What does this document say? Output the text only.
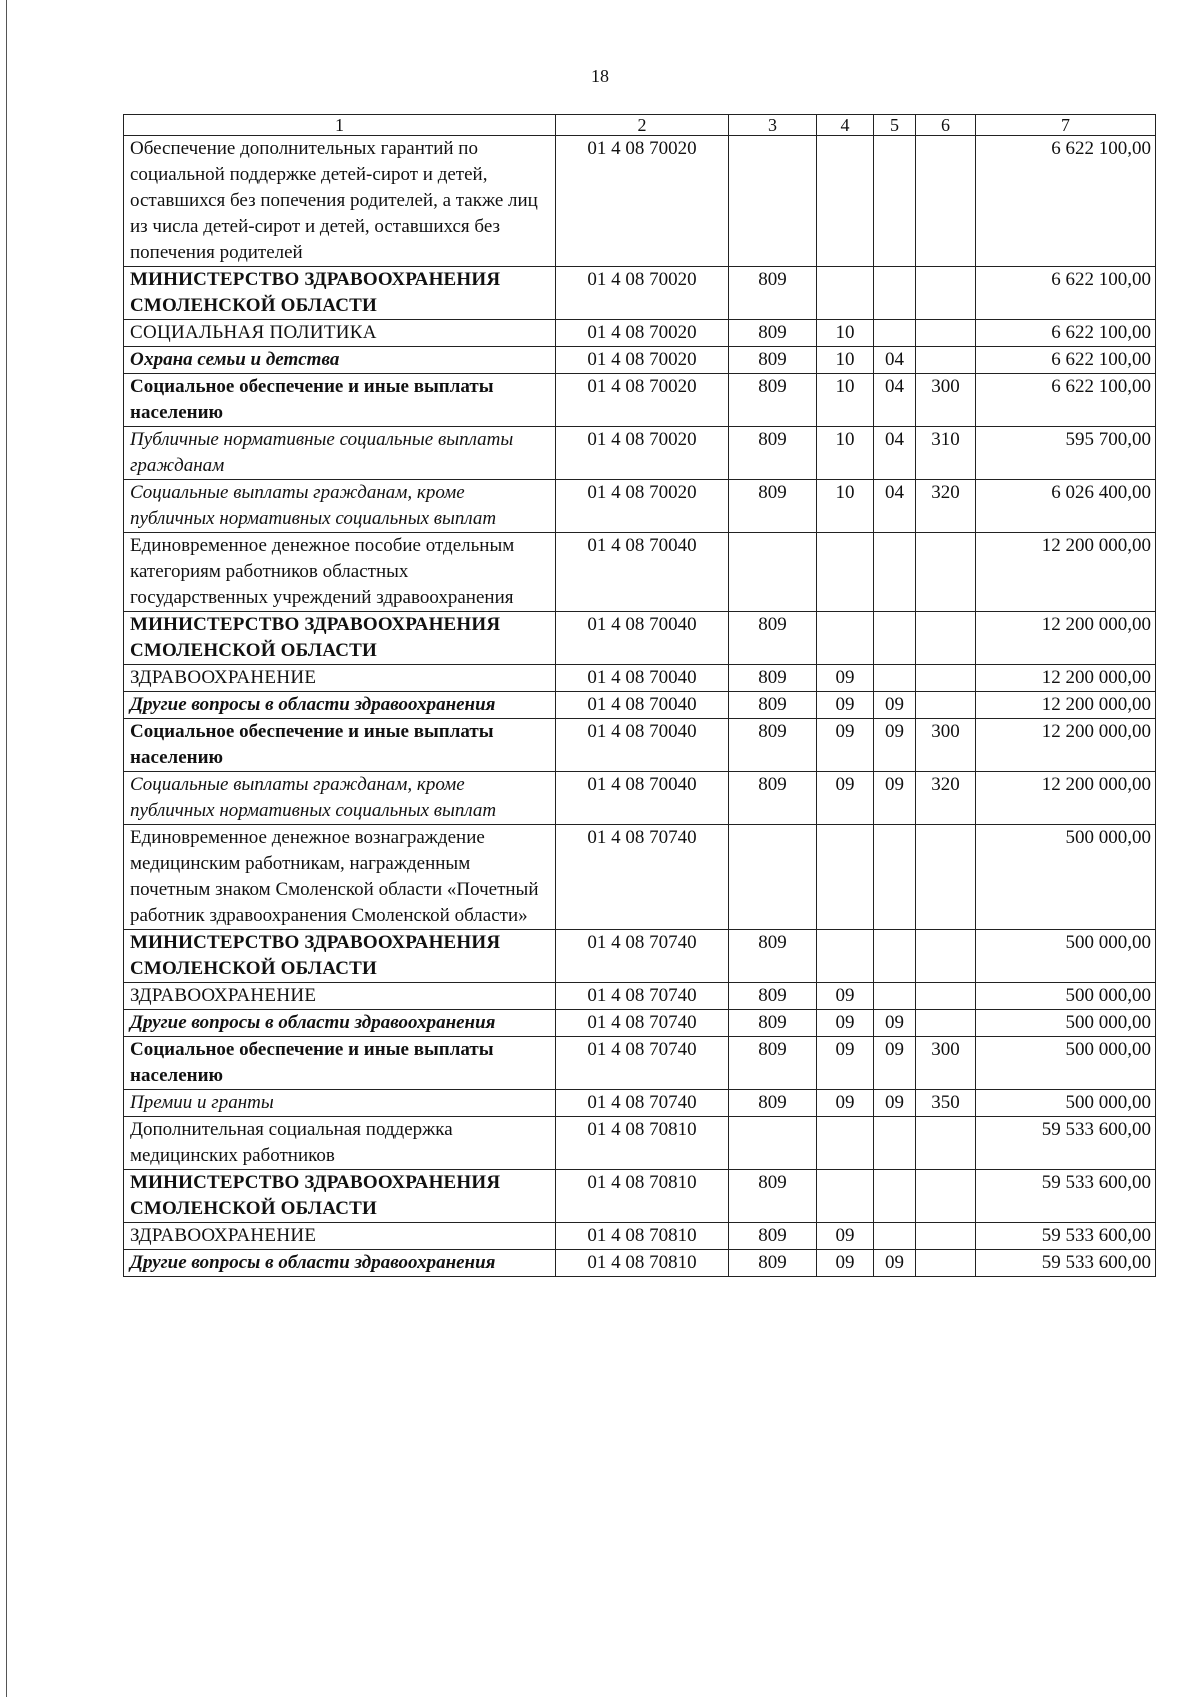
18
1	2	3	4	5	6	7
Обеспечение дополнительных гарантий по социальной поддержке детей-сирот и детей, оставшихся без попечения родителей, а также лиц из числа детей-сирот и детей, оставшихся без попечения родителей	01 4 08 70020					6 622 100,00
МИНИСТЕРСТВО ЗДРАВООХРАНЕНИЯ СМОЛЕНСКОЙ ОБЛАСТИ	01 4 08 70020	809				6 622 100,00
СОЦИАЛЬНАЯ ПОЛИТИКА	01 4 08 70020	809	10			6 622 100,00
Охрана семьи и детства	01 4 08 70020	809	10	04		6 622 100,00
Социальное обеспечение и иные выплаты населению	01 4 08 70020	809	10	04	300	6 622 100,00
Публичные нормативные социальные выплаты гражданам	01 4 08 70020	809	10	04	310	595 700,00
Социальные выплаты гражданам, кроме публичных нормативных социальных выплат	01 4 08 70020	809	10	04	320	6 026 400,00
Единовременное денежное пособие отдельным категориям работников областных государственных учреждений здравоохранения	01 4 08 70040					12 200 000,00
МИНИСТЕРСТВО ЗДРАВООХРАНЕНИЯ СМОЛЕНСКОЙ ОБЛАСТИ	01 4 08 70040	809				12 200 000,00
ЗДРАВООХРАНЕНИЕ	01 4 08 70040	809	09			12 200 000,00
Другие вопросы в области здравоохранения	01 4 08 70040	809	09	09		12 200 000,00
Социальное обеспечение и иные выплаты населению	01 4 08 70040	809	09	09	300	12 200 000,00
Социальные выплаты гражданам, кроме публичных нормативных социальных выплат	01 4 08 70040	809	09	09	320	12 200 000,00
Единовременное денежное вознаграждение медицинским работникам, награжденным почетным знаком Смоленской области «Почетный работник здравоохранения Смоленской области»	01 4 08 70740					500 000,00
МИНИСТЕРСТВО ЗДРАВООХРАНЕНИЯ СМОЛЕНСКОЙ ОБЛАСТИ	01 4 08 70740	809				500 000,00
ЗДРАВООХРАНЕНИЕ	01 4 08 70740	809	09			500 000,00
Другие вопросы в области здравоохранения	01 4 08 70740	809	09	09		500 000,00
Социальное обеспечение и иные выплаты населению	01 4 08 70740	809	09	09	300	500 000,00
Премии и гранты	01 4 08 70740	809	09	09	350	500 000,00
Дополнительная социальная поддержка медицинских работников	01 4 08 70810					59 533 600,00
МИНИСТЕРСТВО ЗДРАВООХРАНЕНИЯ СМОЛЕНСКОЙ ОБЛАСТИ	01 4 08 70810	809				59 533 600,00
ЗДРАВООХРАНЕНИЕ	01 4 08 70810	809	09			59 533 600,00
Другие вопросы в области здравоохранения	01 4 08 70810	809	09	09		59 533 600,00
